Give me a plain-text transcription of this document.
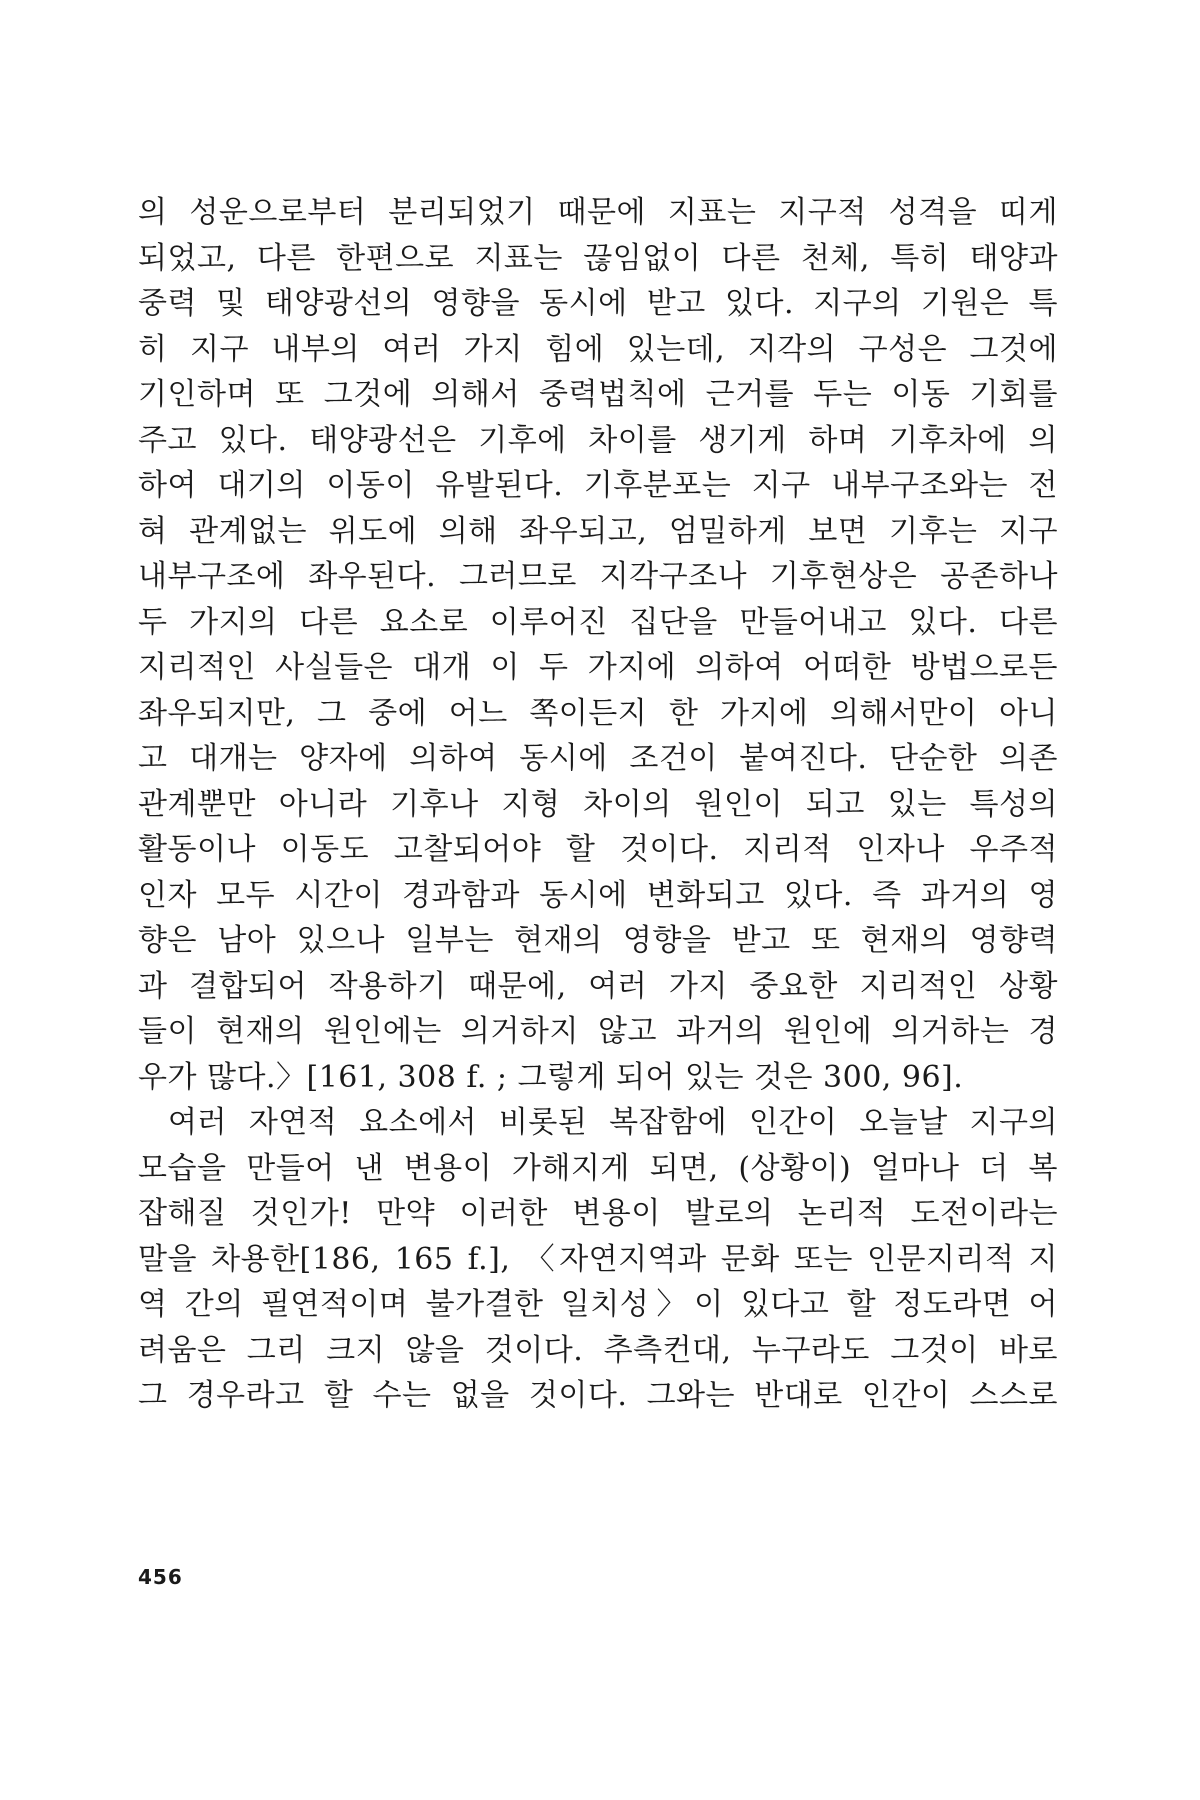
의 성운으로부터 분리되었기 때문에 지표는 지구적 성격을 띠게
되었고, 다른 한편으로 지표는 끊임없이 다른 천체, 특히 태양과
중력 및 태양광선의 영향을 동시에 받고 있다. 지구의 기원은 특
히 지구 내부의 여러 가지 힘에 있는데, 지각의 구성은 그것에
기인하며 또 그것에 의해서 중력법칙에 근거를 두는 이동 기회를
주고 있다. 태양광선은 기후에 차이를 생기게 하며 기후차에 의
하여 대기의 이동이 유발된다. 기후분포는 지구 내부구조와는 전
혀 관계없는 위도에 의해 좌우되고, 엄밀하게 보면 기후는 지구
내부구조에 좌우된다. 그러므로 지각구조나 기후현상은 공존하나
두 가지의 다른 요소로 이루어진 집단을 만들어내고 있다. 다른
지리적인 사실들은 대개 이 두 가지에 의하여 어떠한 방법으로든
좌우되지만, 그 중에 어느 쪽이든지 한 가지에 의해서만이 아니
고 대개는 양자에 의하여 동시에 조건이 붙여진다. 단순한 의존
관계뿐만 아니라 기후나 지형 차이의 원인이 되고 있는 특성의
활동이나 이동도 고찰되어야 할 것이다. 지리적 인자나 우주적
인자 모두 시간이 경과함과 동시에 변화되고 있다. 즉 과거의 영
향은 남아 있으나 일부는 현재의 영향을 받고 또 현재의 영향력
과 결합되어 작용하기 때문에, 여러 가지 중요한 지리적인 상황
들이 현재의 원인에는 의거하지 않고 과거의 원인에 의거하는 경
우가 많다.〉[161, 308 f. ; 그렇게 되어 있는 것은 300, 96].
여러 자연적 요소에서 비롯된 복잡함에 인간이 오늘날 지구의
모습을 만들어 낸 변용이 가해지게 되면, (상황이) 얼마나 더 복
잡해질 것인가! 만약 이러한 변용이 발로의 논리적 도전이라는
말을 차용한[186, 165 f.], 〈자연지역과 문화 또는 인문지리적 지
역 간의 필연적이며 불가결한 일치성〉이 있다고 할 정도라면 어
려움은 그리 크지 않을 것이다. 추측컨대, 누구라도 그것이 바로
그 경우라고 할 수는 없을 것이다. 그와는 반대로 인간이 스스로
456
